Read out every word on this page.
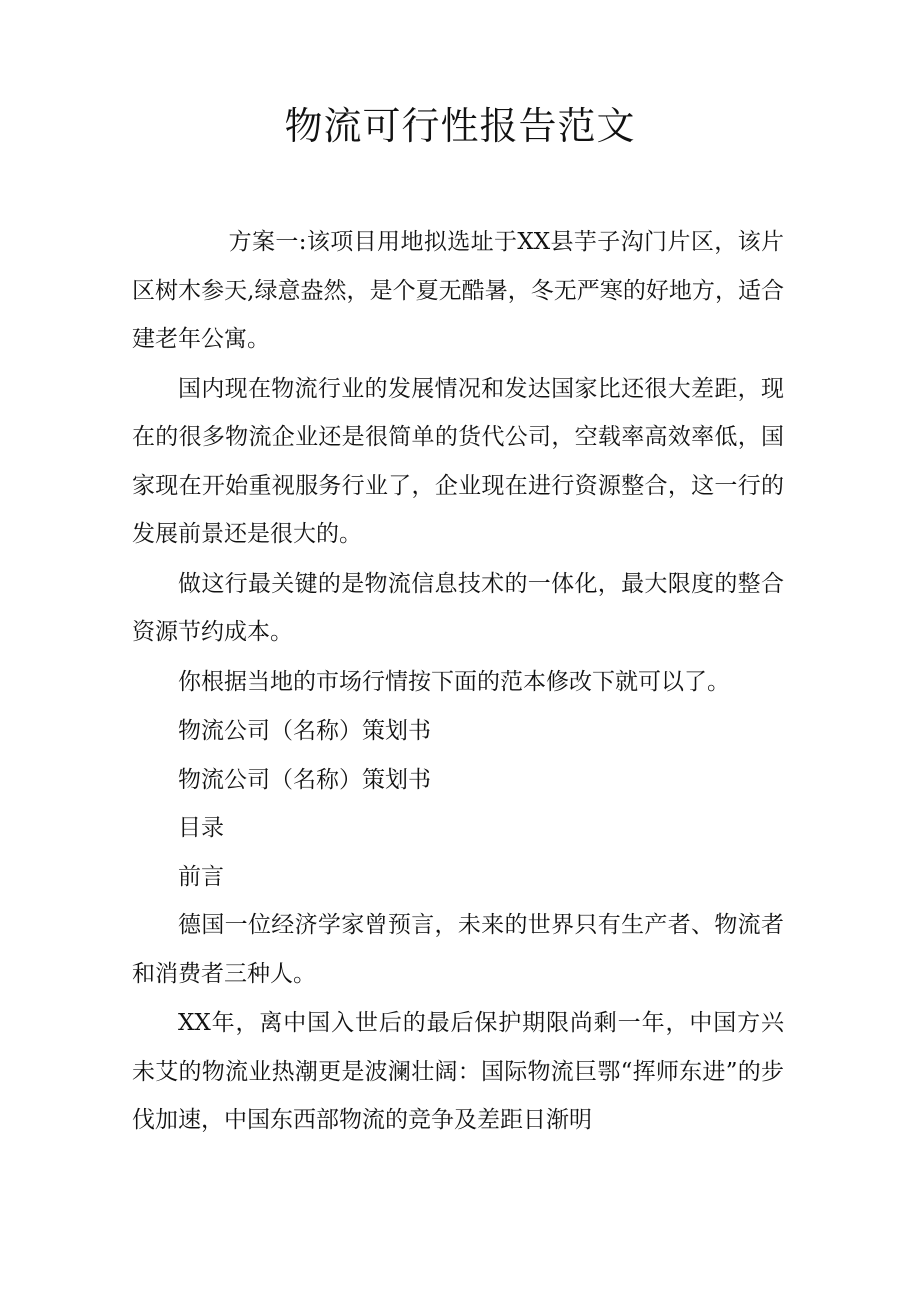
物流可行性报告范文

方案一:该项目用地拟选址于XX县芋子沟门片区，该片区树木参天,绿意盎然，是个夏无酷暑，冬无严寒的好地方，适合建老年公寓。

国内现在物流行业的发展情况和发达国家比还很大差距，现在的很多物流企业还是很简单的货代公司，空载率高效率低，国家现在开始重视服务行业了，企业现在进行资源整合，这一行的发展前景还是很大的。

做这行最关键的是物流信息技术的一体化，最大限度的整合资源节约成本。

你根据当地的市场行情按下面的范本修改下就可以了。

物流公司（名称）策划书

物流公司（名称）策划书

目录

前言

德国一位经济学家曾预言，未来的世界只有生产者、物流者和消费者三种人。

XX年，离中国入世后的最后保护期限尚剩一年，中国方兴未艾的物流业热潮更是波澜壮阔：国际物流巨鄂“挥师东进”的步伐加速，中国东西部物流的竞争及差距日渐明
